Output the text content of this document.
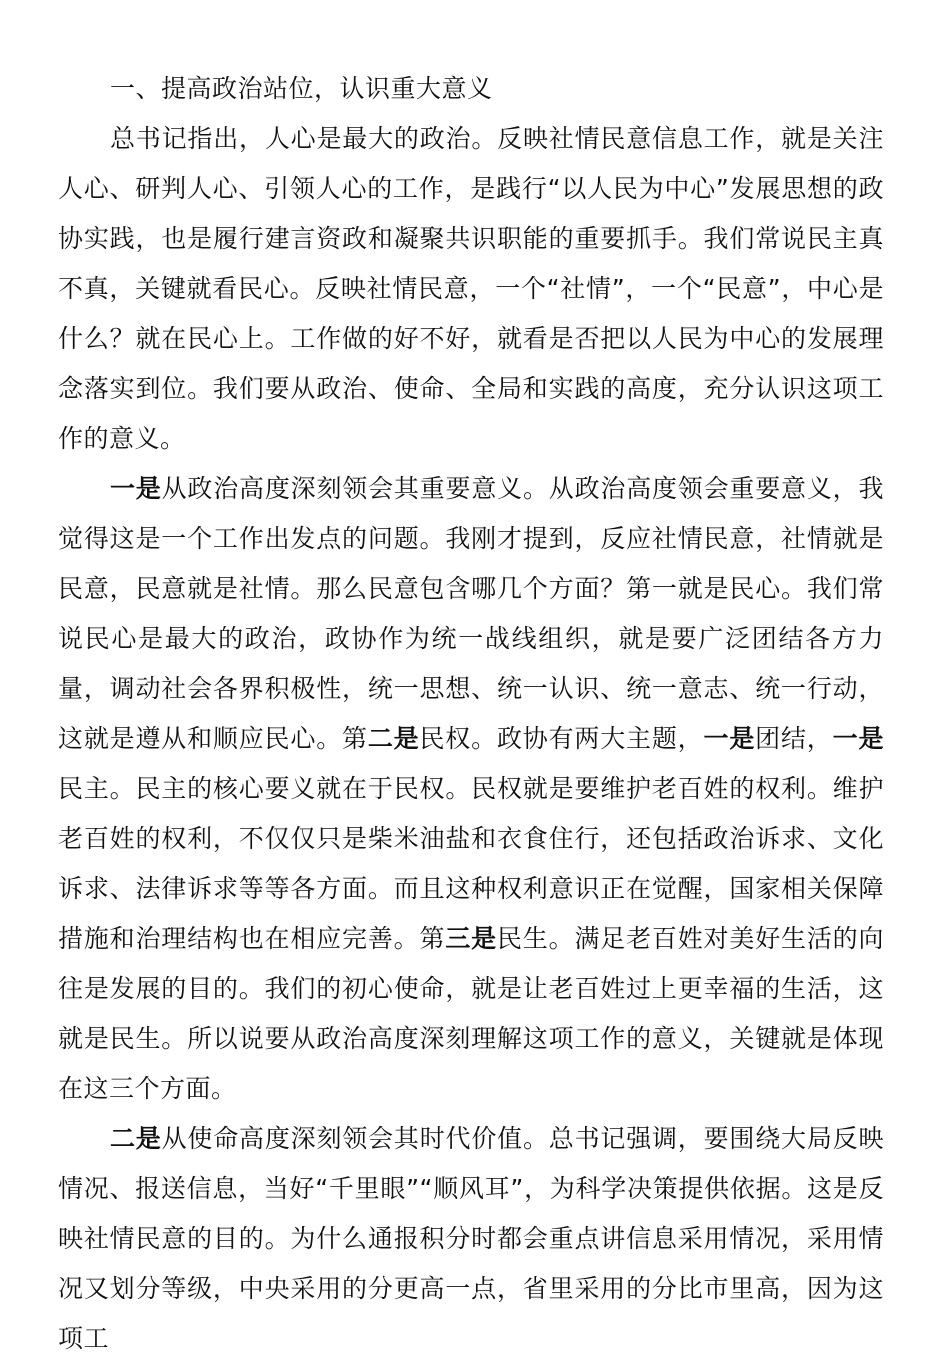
一、提高政治站位，认识重大意义

总书记指出，人心是最大的政治。反映社情民意信息工作，就是关注人心、研判人心、引领人心的工作，是践行“以人民为中心”发展思想的政协实践，也是履行建言资政和凝聚共识职能的重要抓手。我们常说民主真不真，关键就看民心。反映社情民意，一个“社情”，一个“民意”，中心是什么？就在民心上。工作做的好不好，就看是否把以人民为中心的发展理念落实到位。我们要从政治、使命、全局和实践的高度，充分认识这项工作的意义。

一是从政治高度深刻领会其重要意义。从政治高度领会重要意义，我觉得这是一个工作出发点的问题。我刚才提到，反应社情民意，社情就是民意，民意就是社情。那么民意包含哪几个方面？第一就是民心。我们常说民心是最大的政治，政协作为统一战线组织，就是要广泛团结各方力量，调动社会各界积极性，统一思想、统一认识、统一意志、统一行动，这就是遵从和顺应民心。第二是民权。政协有两大主题，一是团结，一是民主。民主的核心要义就在于民权。民权就是要维护老百姓的权利。维护老百姓的权利，不仅仅只是柴米油盐和衣食住行，还包括政治诉求、文化诉求、法律诉求等等各方面。而且这种权利意识正在觉醒，国家相关保障措施和治理结构也在相应完善。第三是民生。满足老百姓对美好生活的向往是发展的目的。我们的初心使命，就是让老百姓过上更幸福的生活，这就是民生。所以说要从政治高度深刻理解这项工作的意义，关键就是体现在这三个方面。

二是从使命高度深刻领会其时代价值。总书记强调，要围绕大局反映情况、报送信息，当好“千里眼”“顺风耳”，为科学决策提供依据。这是反映社情民意的目的。为什么通报积分时都会重点讲信息采用情况，采用情况又划分等级，中央采用的分更高一点，省里采用的分比市里高，因为这项工
